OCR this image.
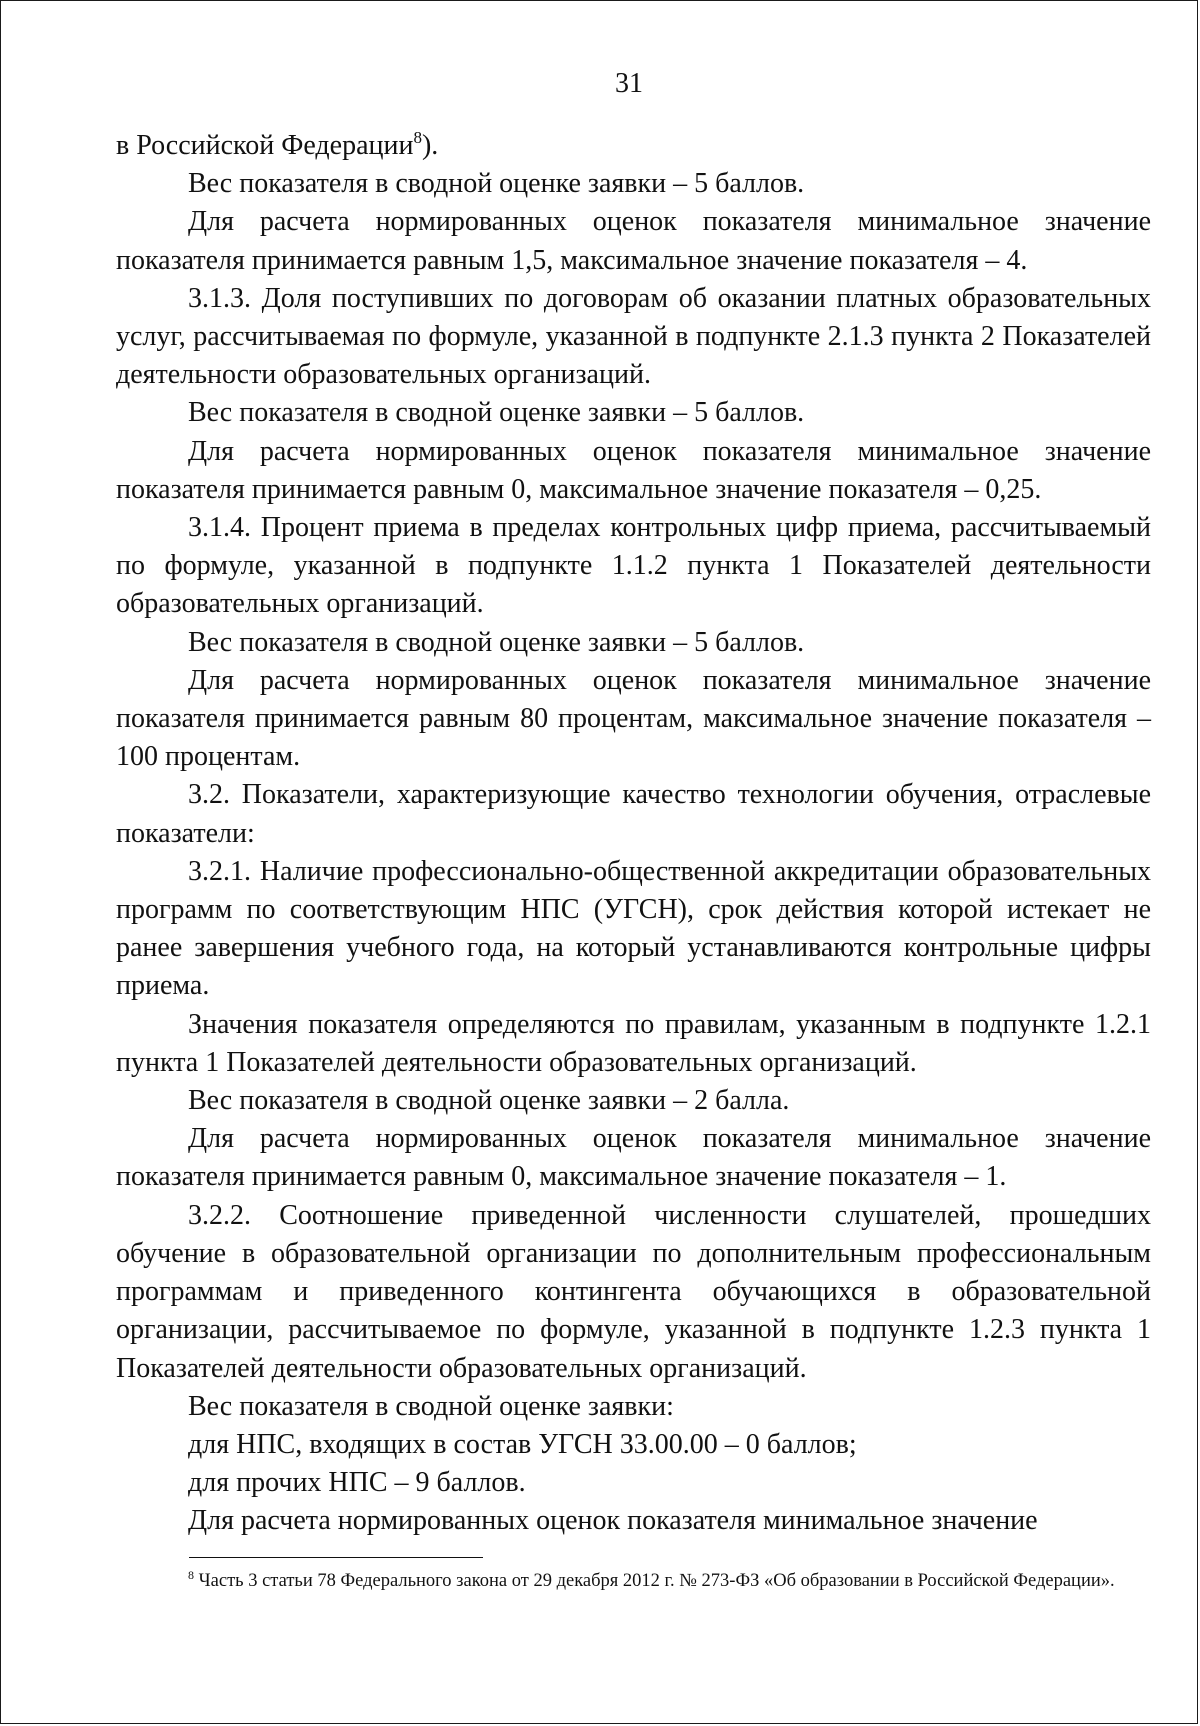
31

в Российской Федерации$^8$).

Вес показателя в сводной оценке заявки – 5 баллов.

Для расчета нормированных оценок показателя минимальное значение показателя принимается равным 1,5, максимальное значение показателя – 4.

3.1.3. Доля поступивших по договорам об оказании платных образовательных услуг, рассчитываемая по формуле, указанной в подпункте 2.1.3 пункта 2 Показателей деятельности образовательных организаций.

Вес показателя в сводной оценке заявки – 5 баллов.

Для расчета нормированных оценок показателя минимальное значение показателя принимается равным 0, максимальное значение показателя – 0,25.

3.1.4. Процент приема в пределах контрольных цифр приема, рассчитываемый по формуле, указанной в подпункте 1.1.2 пункта 1 Показателей деятельности образовательных организаций.

Вес показателя в сводной оценке заявки – 5 баллов.

Для расчета нормированных оценок показателя минимальное значение показателя принимается равным 80 процентам, максимальное значение показателя – 100 процентам.

3.2. Показатели, характеризующие качество технологии обучения, отраслевые показатели:

3.2.1. Наличие профессионально-общественной аккредитации образовательных программ по соответствующим НПС (УГСН), срок действия которой истекает не ранее завершения учебного года, на который устанавливаются контрольные цифры приема.

Значения показателя определяются по правилам, указанным в подпункте 1.2.1 пункта 1 Показателей деятельности образовательных организаций.

Вес показателя в сводной оценке заявки – 2 балла.

Для расчета нормированных оценок показателя минимальное значение показателя принимается равным 0, максимальное значение показателя – 1.

3.2.2. Соотношение приведенной численности слушателей, прошедших обучение в образовательной организации по дополнительным профессиональным программам и приведенного контингента обучающихся в образовательной организации, рассчитываемое по формуле, указанной в подпункте 1.2.3 пункта 1 Показателей деятельности образовательных организаций.

Вес показателя в сводной оценке заявки:

для НПС, входящих в состав УГСН 33.00.00 – 0 баллов;

для прочих НПС – 9 баллов.

Для расчета нормированных оценок показателя минимальное значение

$^8$ Часть 3 статьи 78 Федерального закона от 29 декабря 2012 г. № 273-ФЗ «Об образовании в Российской Федерации».
